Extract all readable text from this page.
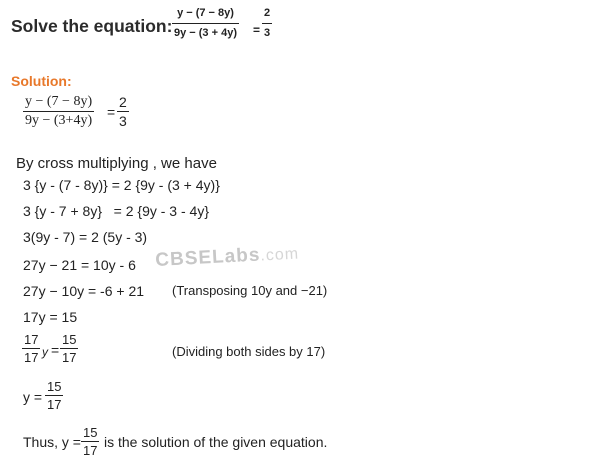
Solve the equation:
y − (7 − 8y)
9y − (3 + 4y) =
2
3
Solution:
y − (7 − 8y)
9y − (3+4y)
=
2
3
By cross multiplying , we have
3 {y - (7 - 8y)} = 2 {9y - (3 + 4y)}
3 {y - 7 + 8y}   = 2 {9y - 3 - 4y}
3(9y - 7) = 2 (5y - 3)
27y − 21 = 10y - 6
27y − 10y = -6 + 21 (Transposing 10y and −21)
17y = 15
17
17 y =
15
17	(Dividing both sides by 17)
y =
15
17
Thus, y =
15
17
is the solution of the given equation.
CBSELabs.com
